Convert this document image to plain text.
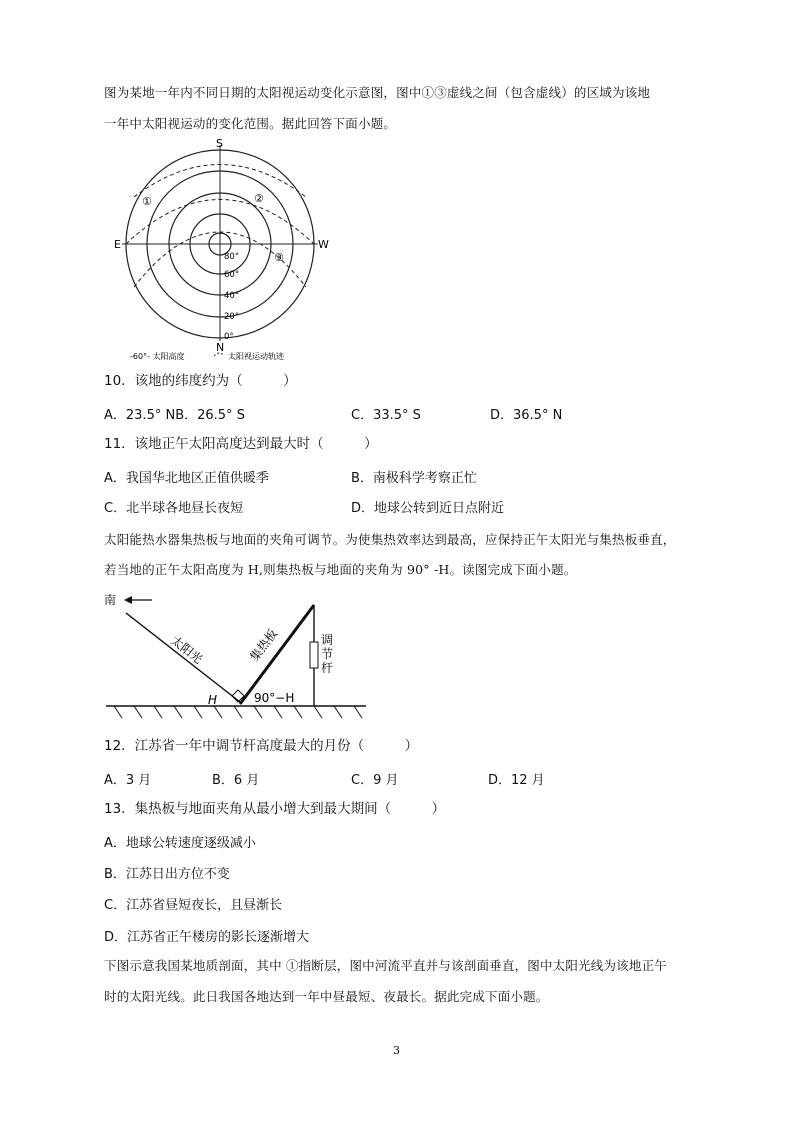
图为某地一年内不同日期的太阳视运动变化示意图，图中①③虚线之间（包含虚线）的区域为该地
一年中太阳视运动的变化范围。据此回答下面小题。
S
E	W
N
①	②
③
80°
60°
40°
20°
0°
-60°- 太阳高度	太阳视运动轨迹
10．该地的纬度约为（　　　）
A．23.5° NB．26.5° S	C．33.5° S	D．36.5° N
11．该地正午太阳高度达到最大时（　　　）
A．我国华北地区正值供暖季	B．南极科学考察正忙
C．北半球各地昼长夜短	D．地球公转到近日点附近
太阳能热水器集热板与地面的夹角可调节。为使集热效率达到最高，应保持正午太阳光与集热板垂直，
若当地的正午太阳高度为 H,则集热板与地面的夹角为 90° -H。读图完成下面小题。
南
太阳光	集热板	调
节
杆
H	90°−H
12．江苏省一年中调节杆高度最大的月份（　　　）
A．3 月	B．6 月	C．9 月	D．12 月
13．集热板与地面夹角从最小增大到最大期间（　　　）
A．地球公转速度逐级减小
B．江苏日出方位不变
C．江苏省昼短夜长，且昼渐长
D．江苏省正午楼房的影长逐渐增大
下图示意我国某地质剖面，其中 ①指断层，图中河流平直并与该剖面垂直，图中太阳光线为该地正午
时的太阳光线。此日我国各地达到一年中昼最短、夜最长。据此完成下面小题。
3
